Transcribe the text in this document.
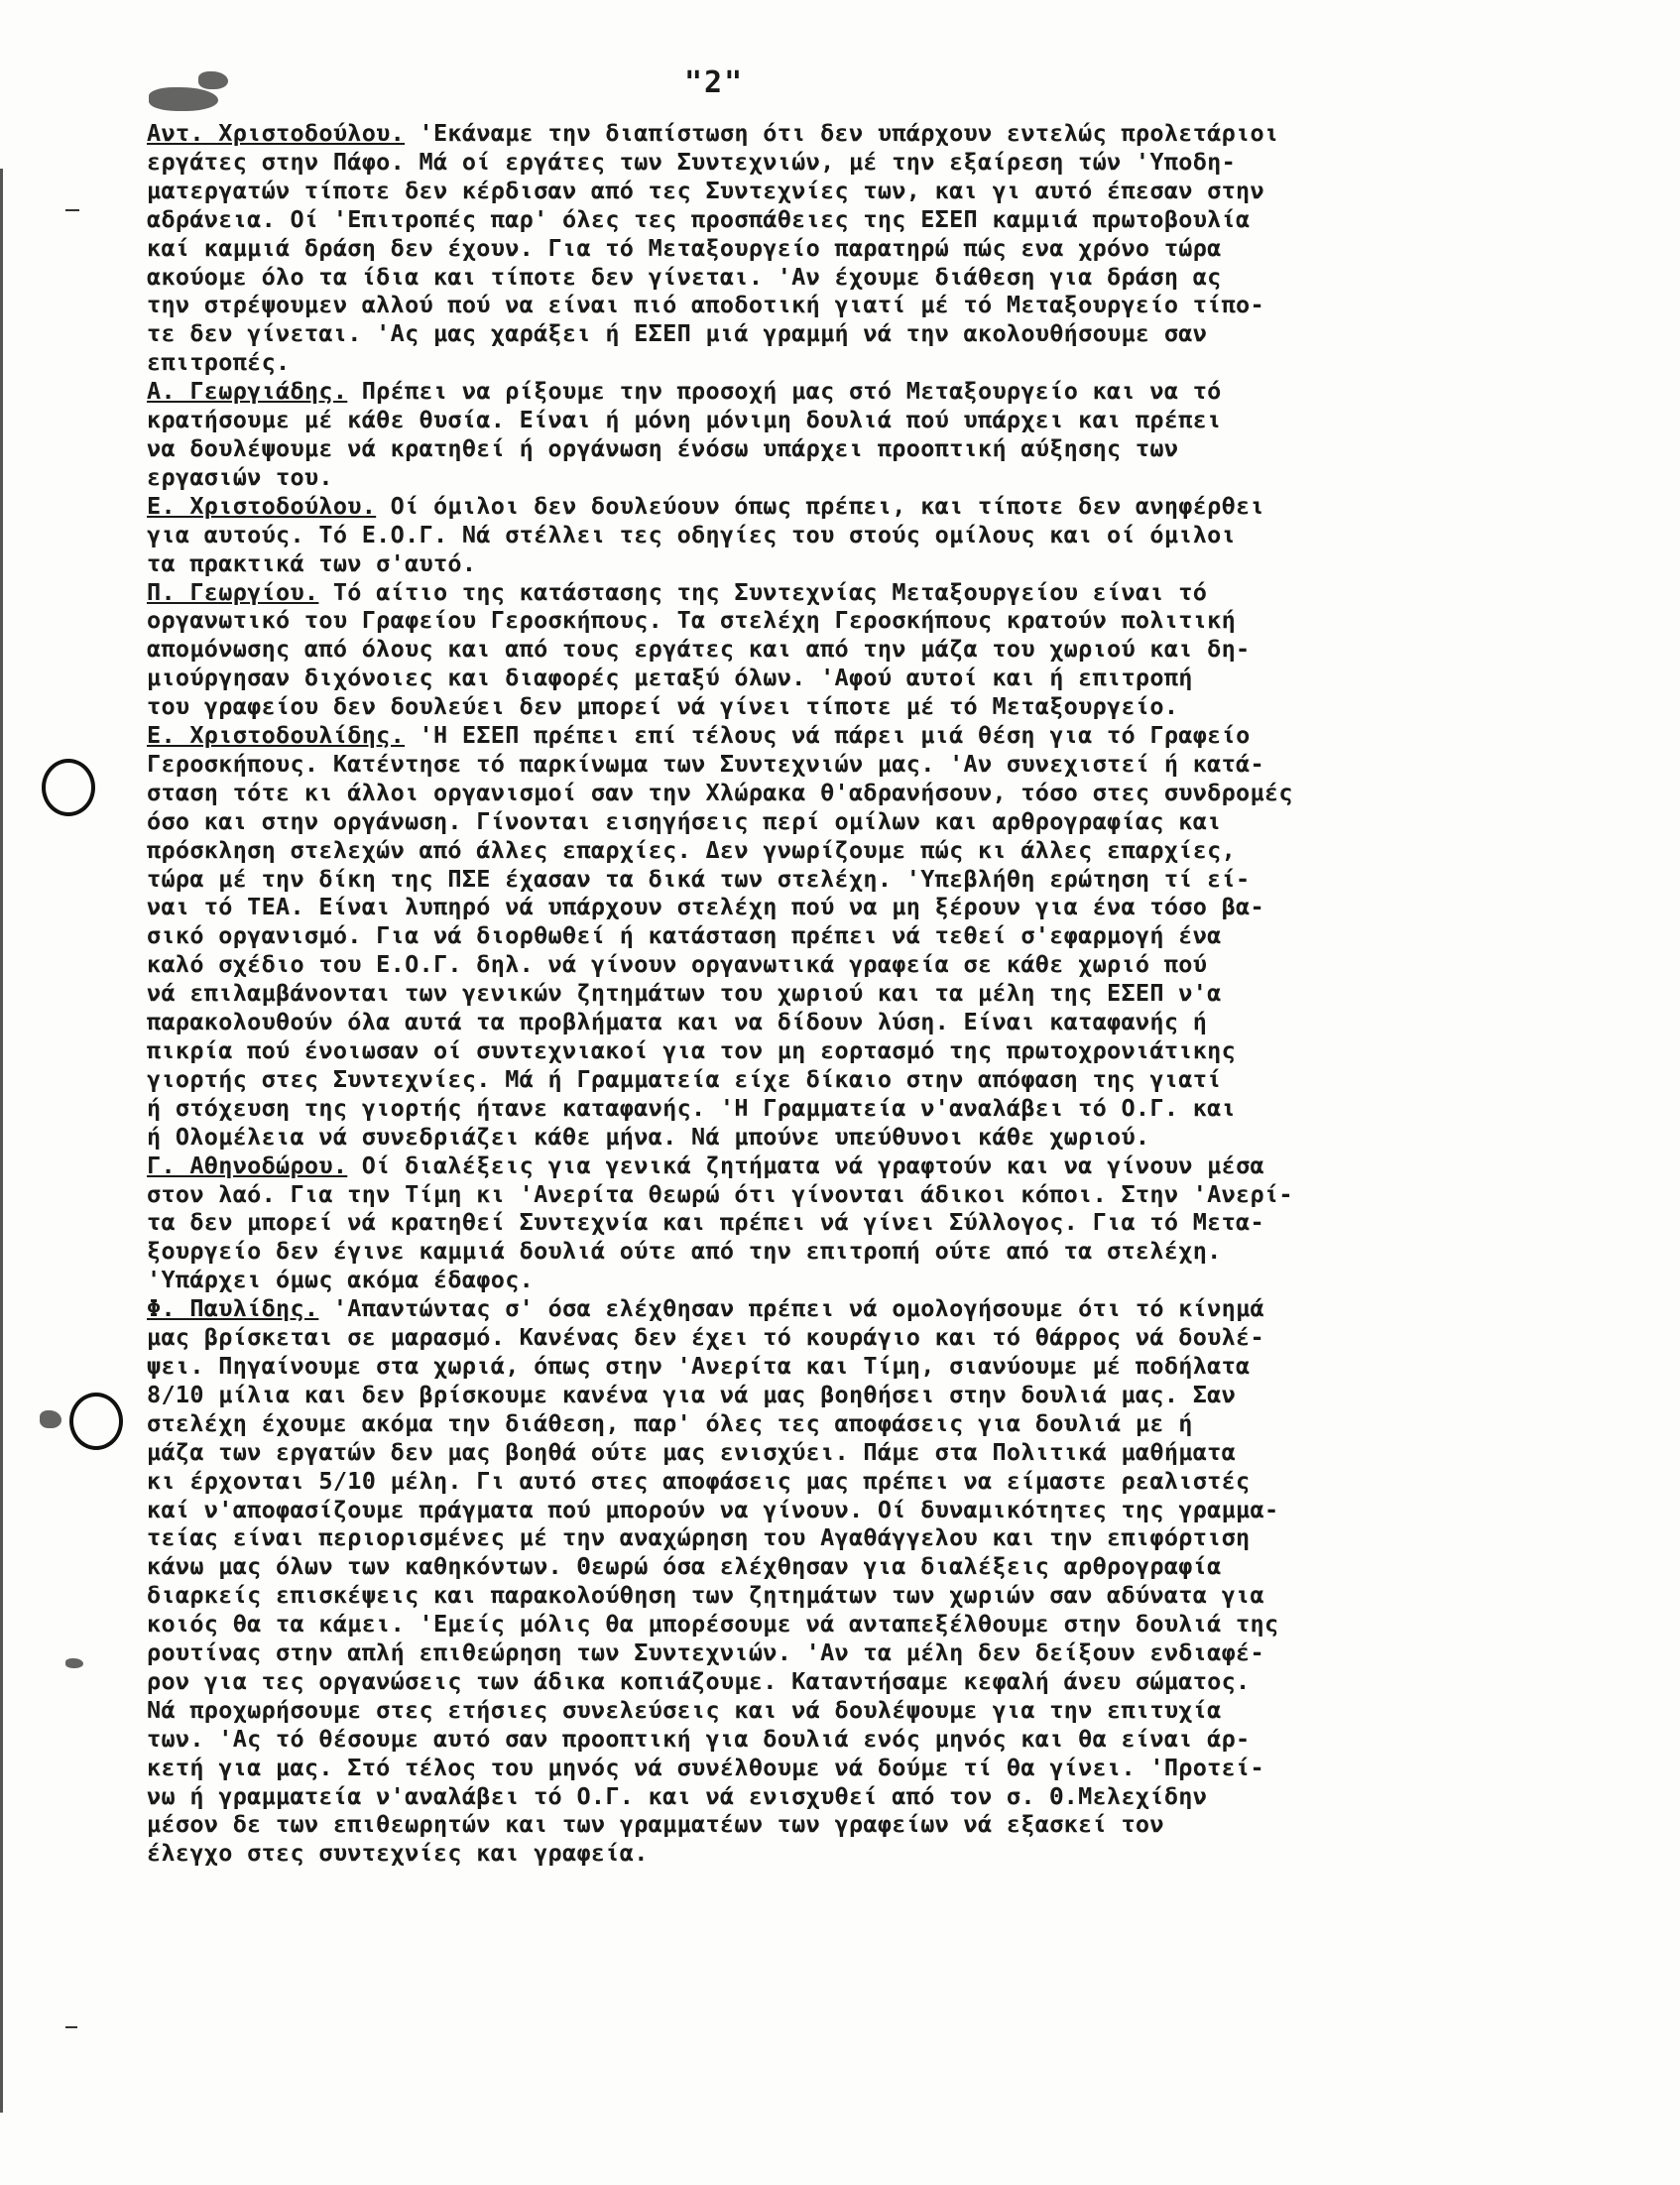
"2"
Αντ. Χριστοδούλου. 'Εκάναμε την διαπίστωση ότι δεν υπάρχουν εντελώς προλετάριοι
εργάτες στην Πάφο. Μά οί εργάτες των Συντεχνιών, μέ την εξαίρεση τών 'Υποδη-
ματεργατών τίποτε δεν κέρδισαν από τες Συντεχνίες των, και γι αυτό έπεσαν στην
αδράνεια. Οί 'Επιτροπές παρ' όλες τες προσπάθειες της ΕΣΕΠ καμμιά πρωτοβουλία
καί καμμιά δράση δεν έχουν. Για τό Μεταξουργείο παρατηρώ πώς ενα χρόνο τώρα
ακούομε όλο τα ίδια και τίποτε δεν γίνεται. 'Αν έχουμε διάθεση για δράση ας
την στρέψουμεν αλλού πού να είναι πιό αποδοτική γιατί μέ τό Μεταξουργείο τίπο-
τε δεν γίνεται. 'Ας μας χαράξει ή ΕΣΕΠ μιά γραμμή νά την ακολουθήσουμε σαν
επιτροπές.
Α. Γεωργιάδης. Πρέπει να ρίξουμε την προσοχή μας στό Μεταξουργείο και να τό
κρατήσουμε μέ κάθε θυσία. Είναι ή μόνη μόνιμη δουλιά πού υπάρχει και πρέπει
να δουλέψουμε νά κρατηθεί ή οργάνωση ένόσω υπάρχει προοπτική αύξησης των
εργασιών του.
Ε. Χριστοδούλου. Οί όμιλοι δεν δουλεύουν όπως πρέπει, και τίποτε δεν ανηφέρθει
για αυτούς. Τό Ε.Ο.Γ. Νά στέλλει τες οδηγίες του στούς ομίλους και οί όμιλοι
τα πρακτικά των σ'αυτό.
Π. Γεωργίου. Τό αίτιο της κατάστασης της Συντεχνίας Μεταξουργείου είναι τό
οργανωτικό του Γραφείου Γεροσκήπους. Τα στελέχη Γεροσκήπους κρατούν πολιτική
απομόνωσης από όλους και από τους εργάτες και από την μάζα του χωριού και δη-
μιούργησαν διχόνοιες και διαφορές μεταξύ όλων. 'Αφού αυτοί και ή επιτροπή
του γραφείου δεν δουλεύει δεν μπορεί νά γίνει τίποτε μέ τό Μεταξουργείο.
Ε. Χριστοδουλίδης. 'Η ΕΣΕΠ πρέπει επί τέλους νά πάρει μιά θέση για τό Γραφείο
Γεροσκήπους. Κατέντησε τό παρκίνωμα των Συντεχνιών μας. 'Αν συνεχιστεί ή κατά-
σταση τότε κι άλλοι οργανισμοί σαν την Χλώρακα θ'αδρανήσουν, τόσο στες συνδρομές
όσο και στην οργάνωση. Γίνονται εισηγήσεις περί ομίλων και αρθρογραφίας και
πρόσκληση στελεχών από άλλες επαρχίες. Δεν γνωρίζουμε πώς κι άλλες επαρχίες,
τώρα μέ την δίκη της ΠΣΕ έχασαν τα δικά των στελέχη. 'Υπεβλήθη ερώτηση τί εί-
ναι τό ΤΕΑ. Είναι λυπηρό νά υπάρχουν στελέχη πού να μη ξέρουν για ένα τόσο βα-
σικό οργανισμό. Για νά διορθωθεί ή κατάσταση πρέπει νά τεθεί σ'εφαρμογή ένα
καλό σχέδιο του Ε.Ο.Γ. δηλ. νά γίνουν οργανωτικά γραφεία σε κάθε χωριό πού
νά επιλαμβάνονται των γενικών ζητημάτων του χωριού και τα μέλη της ΕΣΕΠ ν'α
παρακολουθούν όλα αυτά τα προβλήματα και να δίδουν λύση. Είναι καταφανής ή
πικρία πού ένοιωσαν οί συντεχνιακοί για τον μη εορτασμό της πρωτοχρονιάτικης
γιορτής στες Συντεχνίες. Μά ή Γραμματεία είχε δίκαιο στην απόφαση της γιατί
ή στόχευση της γιορτής ήτανε καταφανής. 'Η Γραμματεία ν'αναλάβει τό Ο.Γ. και
ή Ολομέλεια νά συνεδριάζει κάθε μήνα. Νά μπούνε υπεύθυνοι κάθε χωριού.
Γ. Αθηνοδώρου. Οί διαλέξεις για γενικά ζητήματα νά γραφτούν και να γίνουν μέσα
στον λαό. Για την Τίμη κι 'Ανερίτα θεωρώ ότι γίνονται άδικοι κόποι. Στην 'Ανερί-
τα δεν μπορεί νά κρατηθεί Συντεχνία και πρέπει νά γίνει Σύλλογος. Για τό Μετα-
ξουργείο δεν έγινε καμμιά δουλιά ούτε από την επιτροπή ούτε από τα στελέχη.
'Υπάρχει όμως ακόμα έδαφος.
Φ. Παυλίδης. 'Απαντώντας σ' όσα ελέχθησαν πρέπει νά ομολογήσουμε ότι τό κίνημά
μας βρίσκεται σε μαρασμό. Κανένας δεν έχει τό κουράγιο και τό θάρρος νά δουλέ-
ψει. Πηγαίνουμε στα χωριά, όπως στην 'Ανερίτα και Τίμη, σιανύουμε μέ ποδήλατα
8/10 μίλια και δεν βρίσκουμε κανένα για νά μας βοηθήσει στην δουλιά μας. Σαν
στελέχη έχουμε ακόμα την διάθεση, παρ' όλες τες αποφάσεις για δουλιά με ή
μάζα των εργατών δεν μας βοηθά ούτε μας ενισχύει. Πάμε στα Πολιτικά μαθήματα
κι έρχονται 5/10 μέλη. Γι αυτό στες αποφάσεις μας πρέπει να είμαστε ρεαλιστές
καί ν'αποφασίζουμε πράγματα πού μπορούν να γίνουν. Οί δυναμικότητες της γραμμα-
τείας είναι περιορισμένες μέ την αναχώρηση του Αγαθάγγελου και την επιφόρτιση
κάνω μας όλων των καθηκόντων. Θεωρώ όσα ελέχθησαν για διαλέξεις αρθρογραφία
διαρκείς επισκέψεις και παρακολούθηση των ζητημάτων των χωριών σαν αδύνατα για
κοιός θα τα κάμει. 'Εμείς μόλις θα μπορέσουμε νά ανταπεξέλθουμε στην δουλιά της
ρουτίνας στην απλή επιθεώρηση των Συντεχνιών. 'Αν τα μέλη δεν δείξουν ενδιαφέ-
ρον για τες οργανώσεις των άδικα κοπιάζουμε. Καταντήσαμε κεφαλή άνευ σώματος.
Νά προχωρήσουμε στες ετήσιες συνελεύσεις και νά δουλέψουμε για την επιτυχία
των. 'Ας τό θέσουμε αυτό σαν προοπτική για δουλιά ενός μηνός και θα είναι άρ-
κετή για μας. Στό τέλος του μηνός νά συνέλθουμε νά δούμε τί θα γίνει. 'Προτεί-
νω ή γραμματεία ν'αναλάβει τό Ο.Γ. και νά ενισχυθεί από τον σ. Θ.Μελεχίδην
μέσον δε των επιθεωρητών και των γραμματέων των γραφείων νά εξασκεί τον
έλεγχο στες συντεχνίες και γραφεία.
